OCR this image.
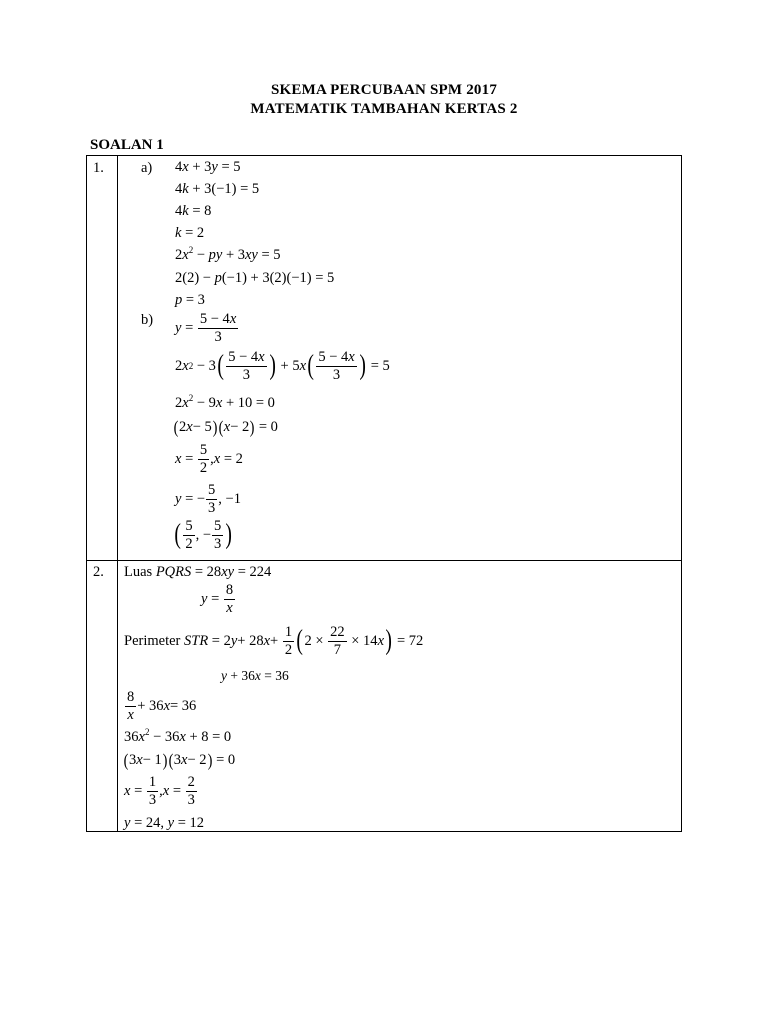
SKEMA PERCUBAAN SPM 2017
MATEMATIK TAMBAHAN KERTAS 2
SOALAN 1
1.	a)
b)
4x + 3y = 5
4k + 3(−1) = 5
4k = 8
k = 2
$2x^2$ − py + 3xy = 5
2(2) − p(−1) + 3(2)(−1) = 5
p = 3
$y = \frac{5 - 4x}{3}$
2 x 2 − 3 ( $\frac{5 - 4x}{3}$ ) + 5 x ( $\frac{5 - 4x}{3}$ ) = 5
$2x^2 - 9x + 10 = 0$
( 2 x − 5 ) ( x − 2 ) = 0
$x = \frac{5}{2}$ , x = 2
y = − $\frac{5}{3}$ , −1
( $\frac{5}{2}$ , − $\frac{5}{3}$ )
2. Luas PQRS = 28xy = 224
$y = \frac{8}{x}$
Perimeter
STR = 2 y + 28 $x + \frac{1}{2}$ ( $2 \times \frac{22}{7} \times 14$ x ) = 72
y + 36x = 36
$\frac{8}{x} + 36$ x = 36
$36x^2 - 36x + 8 = 0$
( 3 x − 1 ) ( 3 x − 2 ) = 0
$x = \frac{1}{3}$ , $x = \frac{2}{3}$
y = 24, y = 12
